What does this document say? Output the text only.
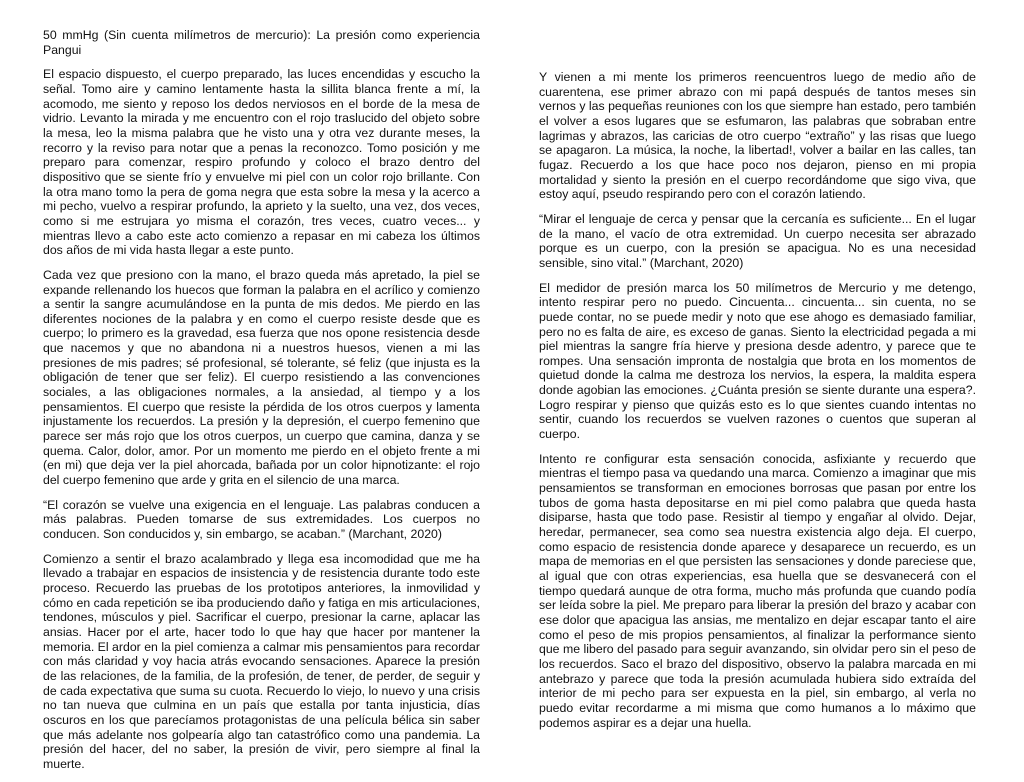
50 mmHg (Sin cuenta milímetros de mercurio): La presión como experiencia Pangui

El espacio dispuesto, el cuerpo preparado, las luces encendidas y escucho la señal. Tomo aire y camino lentamente hasta la sillita blanca frente a mí, la acomodo, me siento y reposo los dedos nerviosos en el borde de la mesa de vidrio. Levanto la mirada y me encuentro con el rojo traslucido del objeto sobre la mesa, leo la misma palabra que he visto una y otra vez durante meses, la recorro y la reviso para notar que a penas la reconozco. Tomo posición y me preparo para comenzar, respiro profundo y coloco el brazo dentro del dispositivo que se siente frío y envuelve mi piel con un color rojo brillante. Con la otra mano tomo la pera de goma negra que esta sobre la mesa y la acerco a mi pecho, vuelvo a respirar profundo, la aprieto y la suelto, una vez, dos veces, como si me estrujara yo misma el corazón, tres veces, cuatro veces... y mientras llevo a cabo este acto comienzo a repasar en mi cabeza los últimos dos años de mi vida hasta llegar a este punto.

Cada vez que presiono con la mano, el brazo queda más apretado, la piel se expande rellenando los huecos que forman la palabra en el acrílico y comienzo a sentir la sangre acumulándose en la punta de mis dedos. Me pierdo en las diferentes nociones de la palabra y en como el cuerpo resiste desde que es cuerpo; lo primero es la gravedad, esa fuerza que nos opone resistencia desde que nacemos y que no abandona ni a nuestros huesos, vienen a mi las presiones de mis padres; sé profesional, sé tolerante, sé feliz (que injusta es la obligación de tener que ser feliz). El cuerpo resistiendo a las convenciones sociales, a las obligaciones normales, a la ansiedad, al tiempo y a los pensamientos. El cuerpo que resiste la pérdida de los otros cuerpos y lamenta injustamente los recuerdos. La presión y la depresión, el cuerpo femenino que parece ser más rojo que los otros cuerpos, un cuerpo que camina, danza y se quema. Calor, dolor, amor. Por un momento me pierdo en el objeto frente a mi (en mi) que deja ver la piel ahorcada, bañada por un color hipnotizante: el rojo del cuerpo femenino que arde y grita en el silencio de una marca.

“El corazón se vuelve una exigencia en el lenguaje. Las palabras conducen a más palabras. Pueden tomarse de sus extremidades. Los cuerpos no conducen. Son conducidos y, sin embargo, se acaban.” (Marchant, 2020)

Comienzo a sentir el brazo acalambrado y llega esa incomodidad que me ha llevado a trabajar en espacios de insistencia y de resistencia durante todo este proceso. Recuerdo las pruebas de los prototipos anteriores, la inmovilidad y cómo en cada repetición se iba produciendo daño y fatiga en mis articulaciones, tendones, músculos y piel. Sacrificar el cuerpo, presionar la carne, aplacar las ansias. Hacer por el arte, hacer todo lo que hay que hacer por mantener la memoria. El ardor en la piel comienza a calmar mis pensamientos para recordar con más claridad y voy hacia atrás evocando sensaciones. Aparece la presión de las relaciones, de la familia, de la profesión, de tener, de perder, de seguir y de cada expectativa que suma su cuota. Recuerdo lo viejo, lo nuevo y una crisis no tan nueva que culmina en un país que estalla por tanta injusticia, días oscuros en los que parecíamos protagonistas de una película bélica sin saber que más adelante nos golpearía algo tan catastrófico como una pandemia. La presión del hacer, del no saber, la presión de vivir, pero siempre al final la muerte.

Y vienen a mi mente los primeros reencuentros luego de medio año de cuarentena, ese primer abrazo con mi papá después de tantos meses sin vernos y las pequeñas reuniones con los que siempre han estado, pero también el volver a esos lugares que se esfumaron, las palabras que sobraban entre lagrimas y abrazos, las caricias de otro cuerpo “extraño” y las risas que luego se apagaron. La música, la noche, la libertad!, volver a bailar en las calles, tan fugaz. Recuerdo a los que hace poco nos dejaron, pienso en mi propia mortalidad y siento la presión en el cuerpo recordándome que sigo viva, que estoy aquí, pseudo respirando pero con el corazón latiendo.

“Mirar el lenguaje de cerca y pensar que la cercanía es suficiente... En el lugar de la mano, el vacío de otra extremidad. Un cuerpo necesita ser abrazado porque es un cuerpo, con la presión se apacigua. No es una necesidad sensible, sino vital.” (Marchant, 2020)

El medidor de presión marca los 50 milímetros de Mercurio y me detengo, intento respirar pero no puedo. Cincuenta... cincuenta... sin cuenta, no se puede contar, no se puede medir y noto que ese ahogo es demasiado familiar, pero no es falta de aire, es exceso de ganas. Siento la electricidad pegada a mi piel mientras la sangre fría hierve y presiona desde adentro, y parece que te rompes. Una sensación impronta de nostalgia que brota en los momentos de quietud donde la calma me destroza los nervios, la espera, la maldita espera donde agobian las emociones. ¿Cuánta presión se siente durante una espera?. Logro respirar y pienso que quizás esto es lo que sientes cuando intentas no sentir, cuando los recuerdos se vuelven razones o cuentos que superan al cuerpo.

Intento re configurar esta sensación conocida, asfixiante y recuerdo que mientras el tiempo pasa va quedando una marca. Comienzo a imaginar que mis pensamientos se transforman en emociones borrosas que pasan por entre los tubos de goma hasta depositarse en mi piel como palabra que queda hasta disiparse, hasta que todo pase. Resistir al tiempo y engañar al olvido. Dejar, heredar, permanecer, sea como sea nuestra existencia algo deja. El cuerpo, como espacio de resistencia donde aparece y desaparece un recuerdo, es un mapa de memorias en el que persisten las sensaciones y donde pareciese que, al igual que con otras experiencias, esa huella que se desvanecerá con el tiempo quedará aunque de otra forma, mucho más profunda que cuando podía ser leída sobre la piel. Me preparo para liberar la presión del brazo y acabar con ese dolor que apacigua las ansias, me mentalizo en dejar escapar tanto el aire como el peso de mis propios pensamientos, al finalizar la performance siento que me libero del pasado para seguir avanzando, sin olvidar pero sin el peso de los recuerdos. Saco el brazo del dispositivo, observo la palabra marcada en mi antebrazo y parece que toda la presión acumulada hubiera sido extraída del interior de mi pecho para ser expuesta en la piel, sin embargo, al verla no puedo evitar recordarme a mi misma que como humanos a lo máximo que podemos aspirar es a dejar una huella.
